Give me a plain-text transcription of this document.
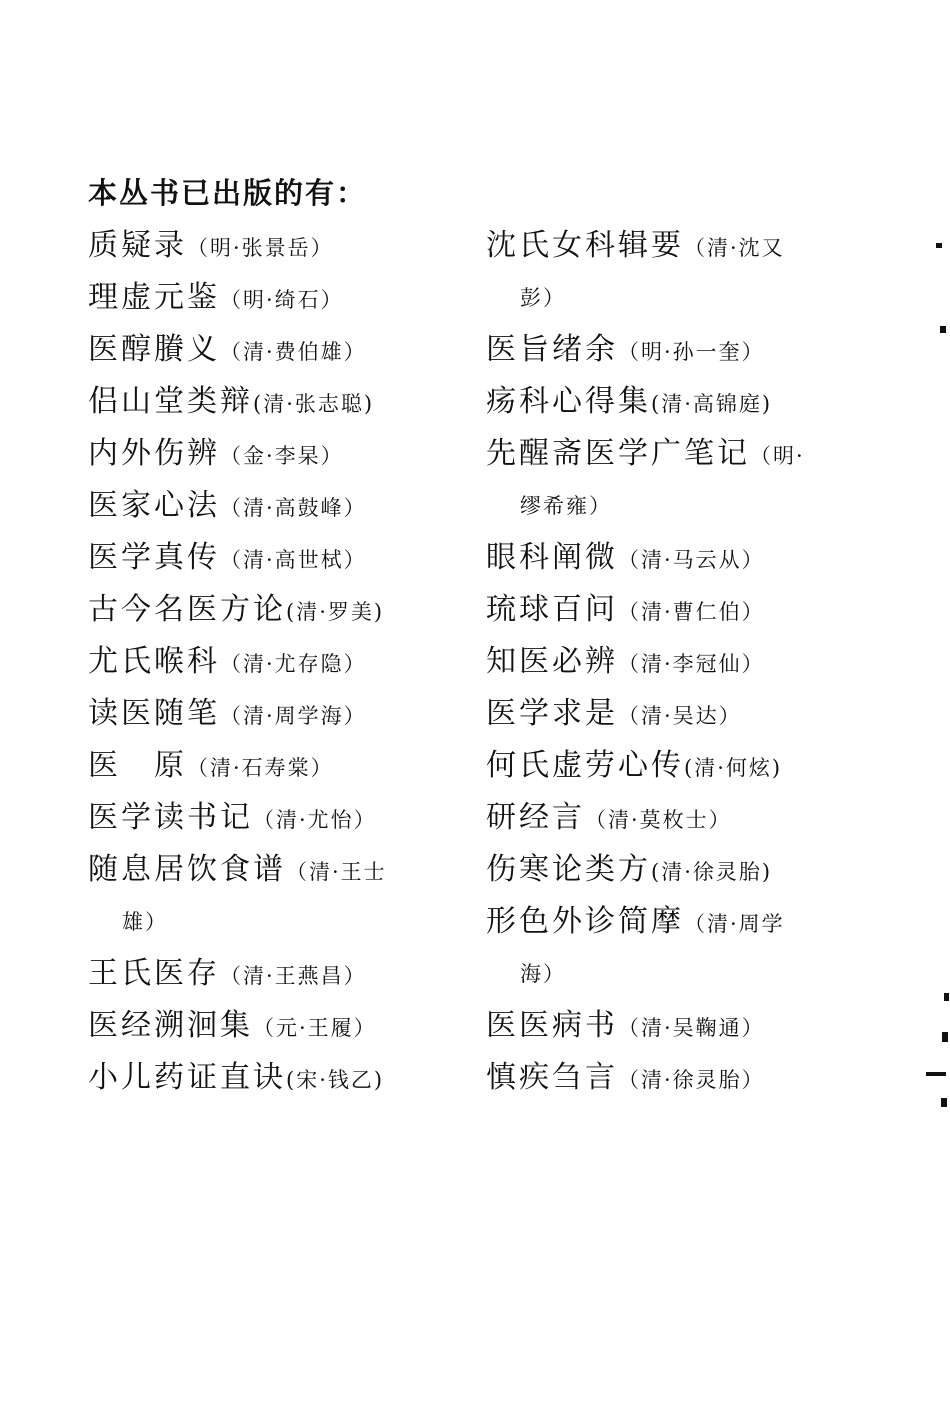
本丛书已出版的有：
质疑录（明·张景岳）
理虚元鉴（明·绮石）
医醇賸义（清·费伯雄）
侣山堂类辩(清·张志聪)
内外伤辨（金·李杲）
医家心法（清·高鼓峰）
医学真传（清·高世栻）
古今名医方论(清·罗美)
尤氏喉科（清·尤存隐）
读医随笔（清·周学海）
医　原（清·石寿棠）
医学读书记（清·尤怡）
随息居饮食谱（清·王士
雄）
王氏医存（清·王燕昌）
医经溯洄集（元·王履）
小儿药证直诀(宋·钱乙)
沈氏女科辑要（清·沈又
彭）
医旨绪余（明·孙一奎）
疡科心得集(清·高锦庭)
先醒斋医学广笔记（明·
缪希雍）
眼科阐微（清·马云从）
琉球百问（清·曹仁伯）
知医必辨（清·李冠仙）
医学求是（清·吴达）
何氏虚劳心传(清·何炫)
研经言（清·莫枚士）
伤寒论类方(清·徐灵胎)
形色外诊简摩（清·周学
海）
医医病书（清·吴鞠通）
慎疾刍言（清·徐灵胎）
